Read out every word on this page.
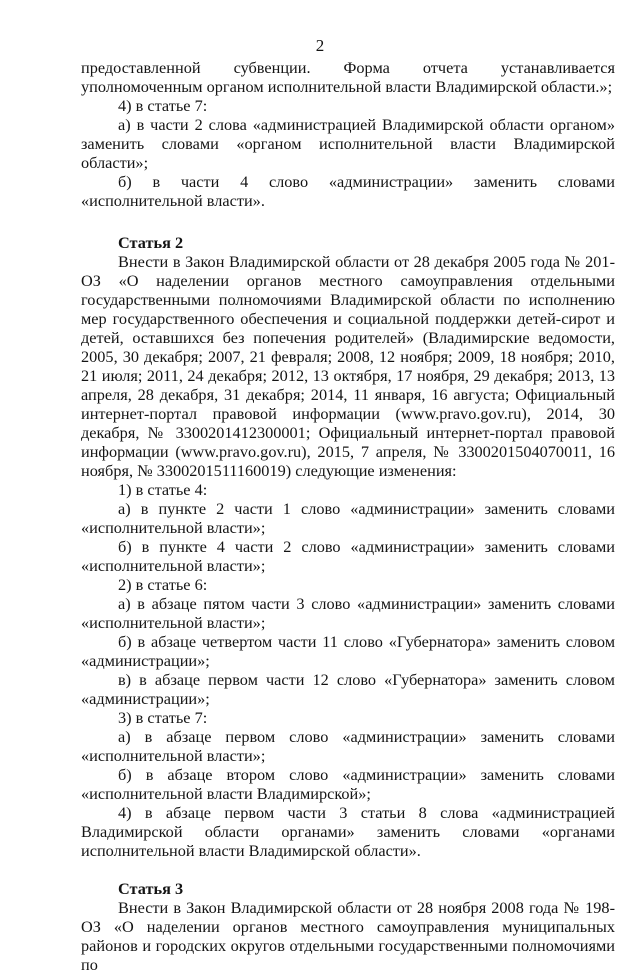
2

предоставленной субвенции. Форма отчета устанавливается уполномоченным органом исполнительной власти Владимирской области.»;

4) в статье 7:

а) в части 2 слова «администрацией Владимирской области органом» заменить словами «органом исполнительной власти Владимирской области»;

б) в части 4 слово «администрации» заменить словами «исполнительной власти».

Статья 2

Внести в Закон Владимирской области от 28 декабря 2005 года № 201-ОЗ «О наделении органов местного самоуправления отдельными государственными полномочиями Владимирской области по исполнению мер государственного обеспечения и социальной поддержки детей-сирот и детей, оставшихся без попечения родителей» (Владимирские ведомости, 2005, 30 декабря; 2007, 21 февраля; 2008, 12 ноября; 2009, 18 ноября; 2010, 21 июля; 2011, 24 декабря; 2012, 13 октября, 17 ноября, 29 декабря; 2013, 13 апреля, 28 декабря, 31 декабря; 2014, 11 января, 16 августа; Официальный интернет-портал правовой информации (www.pravo.gov.ru), 2014, 30 декабря, № 3300201412300001; Официальный интернет-портал правовой информации (www.pravo.gov.ru), 2015, 7 апреля, № 3300201504070011, 16 ноября, № 3300201511160019) следующие изменения:

1) в статье 4:

а) в пункте 2 части 1 слово «администрации» заменить словами «исполнительной власти»;

б) в пункте 4 части 2 слово «администрации» заменить словами «исполнительной власти»;

2) в статье 6:

а) в абзаце пятом части 3 слово «администрации» заменить словами «исполнительной власти»;

б) в абзаце четвертом части 11 слово «Губернатора» заменить словом «администрации»;

в) в абзаце первом части 12 слово «Губернатора» заменить словом «администрации»;

3) в статье 7:

а) в абзаце первом слово «администрации» заменить словами «исполнительной власти»;

б) в абзаце втором слово «администрации» заменить словами «исполнительной власти Владимирской»;

4) в абзаце первом части 3 статьи 8 слова «администрацией Владимирской области органами» заменить словами «органами исполнительной власти Владимирской области».

Статья 3

Внести в Закон Владимирской области от 28 ноября 2008 года № 198-ОЗ «О наделении органов местного самоуправления муниципальных районов и городских округов отдельными государственными полномочиями по
